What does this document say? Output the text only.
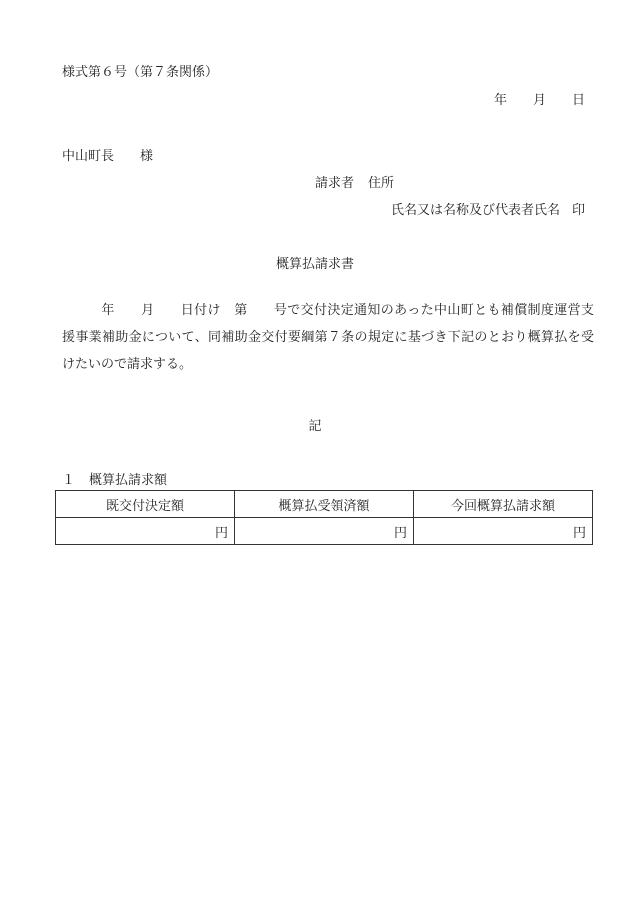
様式第６号（第７条関係）
年 月 日
中山町長 様
請求者 住所
氏名又は名称及び代表者氏名 印
概算払請求書
年 月 日付け 第 号で交付決定通知のあった中山町とも補償制度運営支援事業補助金について、同補助金交付要綱第７条の規定に基づき下記のとおり概算払を受けたいので請求する。
記
１ 概算払請求額
既交付決定額	概算払受領済額	今回概算払請求額
円	円	円
